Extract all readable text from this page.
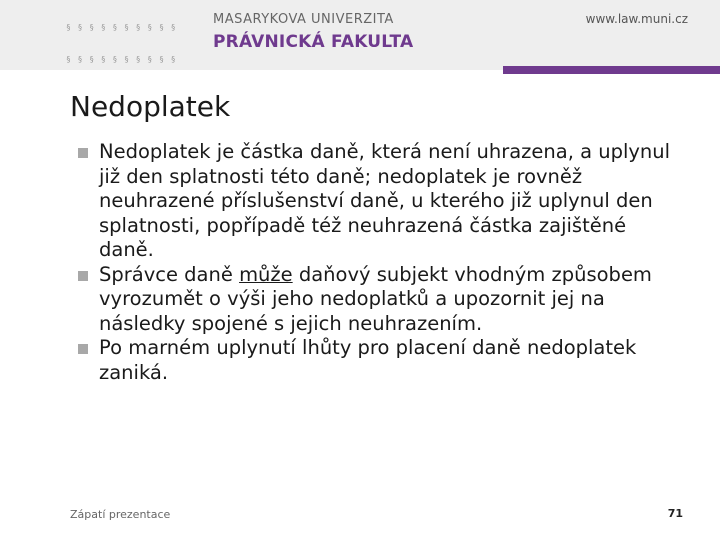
§ § § § § § § § § §

§ § § § § § § § § §

MASARYKOVA UNIVERZITA
PRÁVNICKÁ FAKULTA
www.law.muni.cz
Nedoplatek
Nedoplatek je částka daně, která není uhrazena, a uplynul již den splatnosti této daně; nedoplatek je rovněž neuhrazené příslušenství daně, u kterého již uplynul den splatnosti, popřípadě též neuhrazená částka zajištěné daně.
Správce daně může daňový subjekt vhodným způsobem vyrozumět o výši jeho nedoplatků a upozornit jej na následky spojené s jejich neuhrazením.
Po marném uplynutí lhůty pro placení daně nedoplatek zaniká.
Zápatí prezentace	71
